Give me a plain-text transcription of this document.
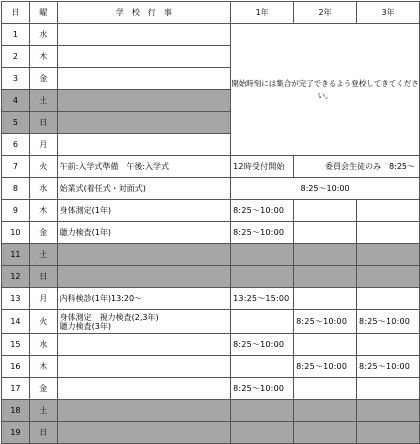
日	曜	学　校　行　事	1年	2年	3年
1	水		開始時刻には集合が完了できるよう登校してきてください。		
2	木				
3	金				
4	土				
5	日				
6	月				
7	火	午前:入学式準備　午後:入学式	12時受付開始	委員会生徒のみ　8:25～	
8	水	始業式(着任式・対面式)	8:25～10:00		
9	木	身体測定(1年)	8:25～10:00		
10	金	聴力検査(1年)	8:25～10:00		
11	土				
12	日				
13	月	内科検診(1年)13:20～	13:25～15:00		
14	火	身体測定　視力検査(2,3年)
聴力検査(3年)		8:25～10:00	8:25～10:00
15	水		8:25～10:00		
16	木			8:25～10:00	8:25～10:00
17	金		8:25～10:00		
18	土				
19	日				
